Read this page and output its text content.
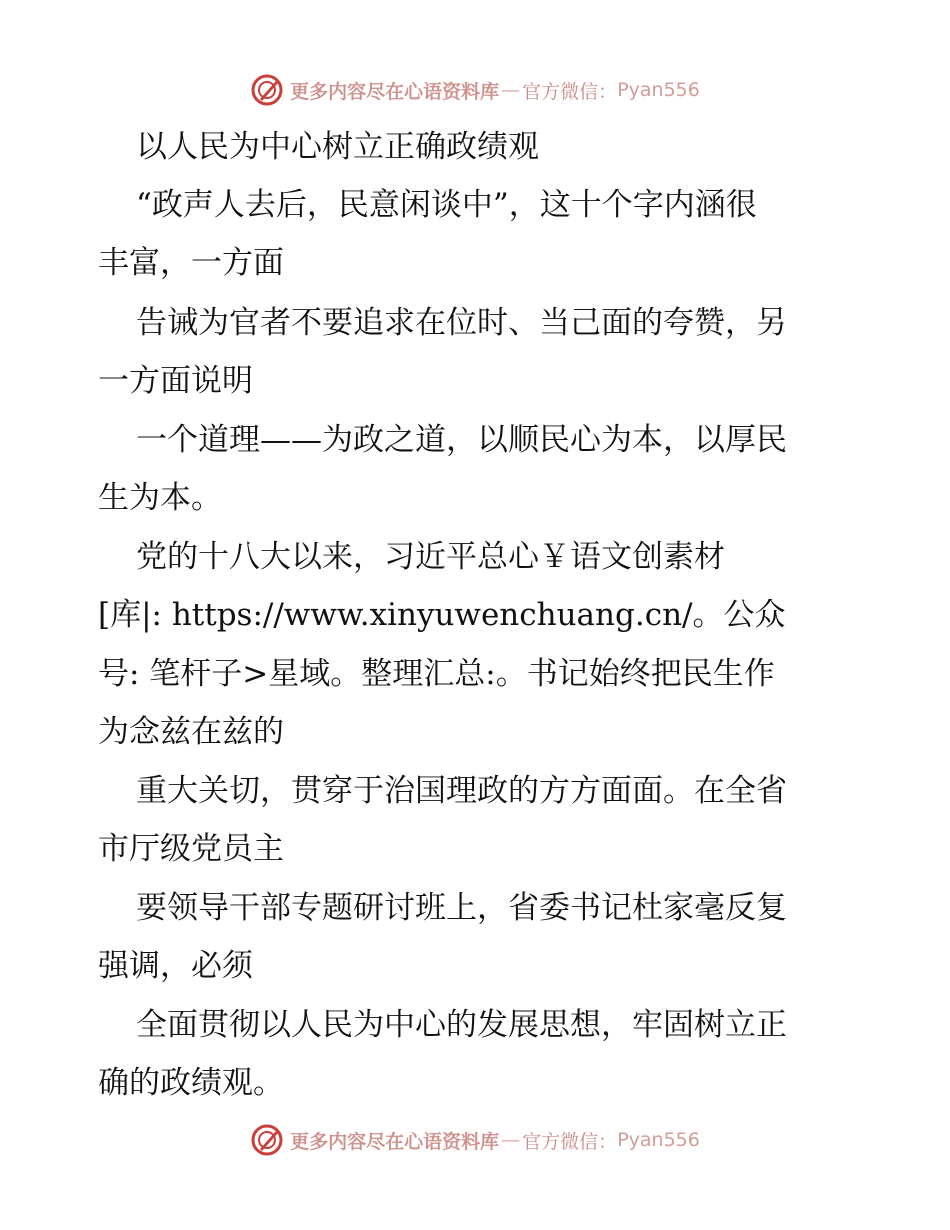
更多内容尽在心语资料库 — 官方微信： Pyan556
以人民为中心树立正确政绩观
“政声人去后，民意闲谈中”，这十个字内涵很
丰富，一方面
告诫为官者不要追求在位时、当己面的夸赞，另
一方面说明
一个道理——为政之道，以顺民心为本，以厚民
生为本。
党的十八大以来，习近平总心￥语文创素材
[库|: https://www.xinyuwenchuang.cn/。公众
号: 笔杆子>星域。整理汇总:。书记始终把民生作
为念兹在兹的
重大关切，贯穿于治国理政的方方面面。在全省
市厅级党员主
要领导干部专题研讨班上，省委书记杜家毫反复
强调，必须
全面贯彻以人民为中心的发展思想，牢固树立正
确的政绩观。
更多内容尽在心语资料库 — 官方微信： Pyan556
